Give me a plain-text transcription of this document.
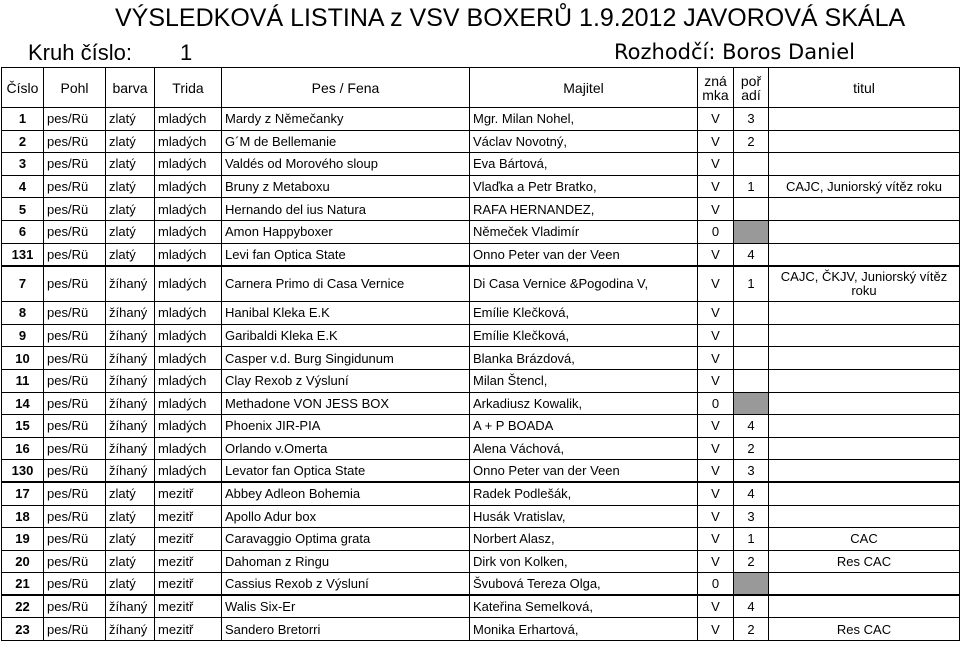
VÝSLEDKOVÁ LISTINA z VSV BOXERŮ 1.9.2012 JAVOROVÁ SKÁLA
Kruh číslo: 1	Rozhodčí: Boros Daniel
Číslo	Pohl	barva	Trida	Pes / Fena	Majitel	zná mka	poř adí	titul
1	pes/Rü	zlatý	mladých	Mardy z Němečanky	Mgr. Milan Nohel,	V	3	
2	pes/Rü	zlatý	mladých	G´M de Bellemanie	Václav Novotný,	V	2	
3	pes/Rü	zlatý	mladých	Valdés od Morového sloup	Eva Bártová,	V		
4	pes/Rü	zlatý	mladých	Bruny z Metaboxu	Vlaďka a Petr Bratko,	V	1	CAJC, Juniorský vítěz roku
5	pes/Rü	zlatý	mladých	Hernando del ius Natura	RAFA HERNANDEZ,	V		
6	pes/Rü	zlatý	mladých	Amon Happyboxer	Němeček Vladimír	0		
131	pes/Rü	zlatý	mladých	Levi fan Optica State	Onno Peter van der Veen	V	4	
7	pes/Rü	žíhaný	mladých	Carnera Primo di Casa Vernice	Di Casa Vernice &Pogodina V,	V	1	CAJC, ČKJV, Juniorský vítěz roku
8	pes/Rü	žíhaný	mladých	Hanibal Kleka E.K	Emílie Klečková,	V		
9	pes/Rü	žíhaný	mladých	Garibaldi Kleka E.K	Emílie Klečková,	V		
10	pes/Rü	žíhaný	mladých	Casper v.d. Burg Singidunum	Blanka Brázdová,	V		
11	pes/Rü	žíhaný	mladých	Clay Rexob z Výsluní	Milan Štencl,	V		
14	pes/Rü	žíhaný	mladých	Methadone VON JESS BOX	Arkadiusz Kowalik,	0		
15	pes/Rü	žíhaný	mladých	Phoenix JIR-PIA	A + P BOADA	V	4	
16	pes/Rü	žíhaný	mladých	Orlando v.Omerta	Alena Váchová,	V	2	
130	pes/Rü	žíhaný	mladých	Levator fan Optica State	Onno Peter van der Veen	V	3	
17	pes/Rü	zlatý	mezitř	Abbey Adleon Bohemia	Radek Podlešák,	V	4	
18	pes/Rü	zlatý	mezitř	Apollo Adur box	Husák Vratislav,	V	3	
19	pes/Rü	zlatý	mezitř	Caravaggio Optima grata	Norbert Alasz,	V	1	CAC
20	pes/Rü	zlatý	mezitř	Dahoman z Ringu	Dirk von Kolken,	V	2	Res CAC
21	pes/Rü	zlatý	mezitř	Cassius Rexob z Výsluní	Švubová Tereza Olga,	0		
22	pes/Rü	žíhaný	mezitř	Walis Six-Er	Kateřina Semelková,	V	4	
23	pes/Rü	žíhaný	mezitř	Sandero Bretorri	Monika Erhartová,	V	2	Res CAC
